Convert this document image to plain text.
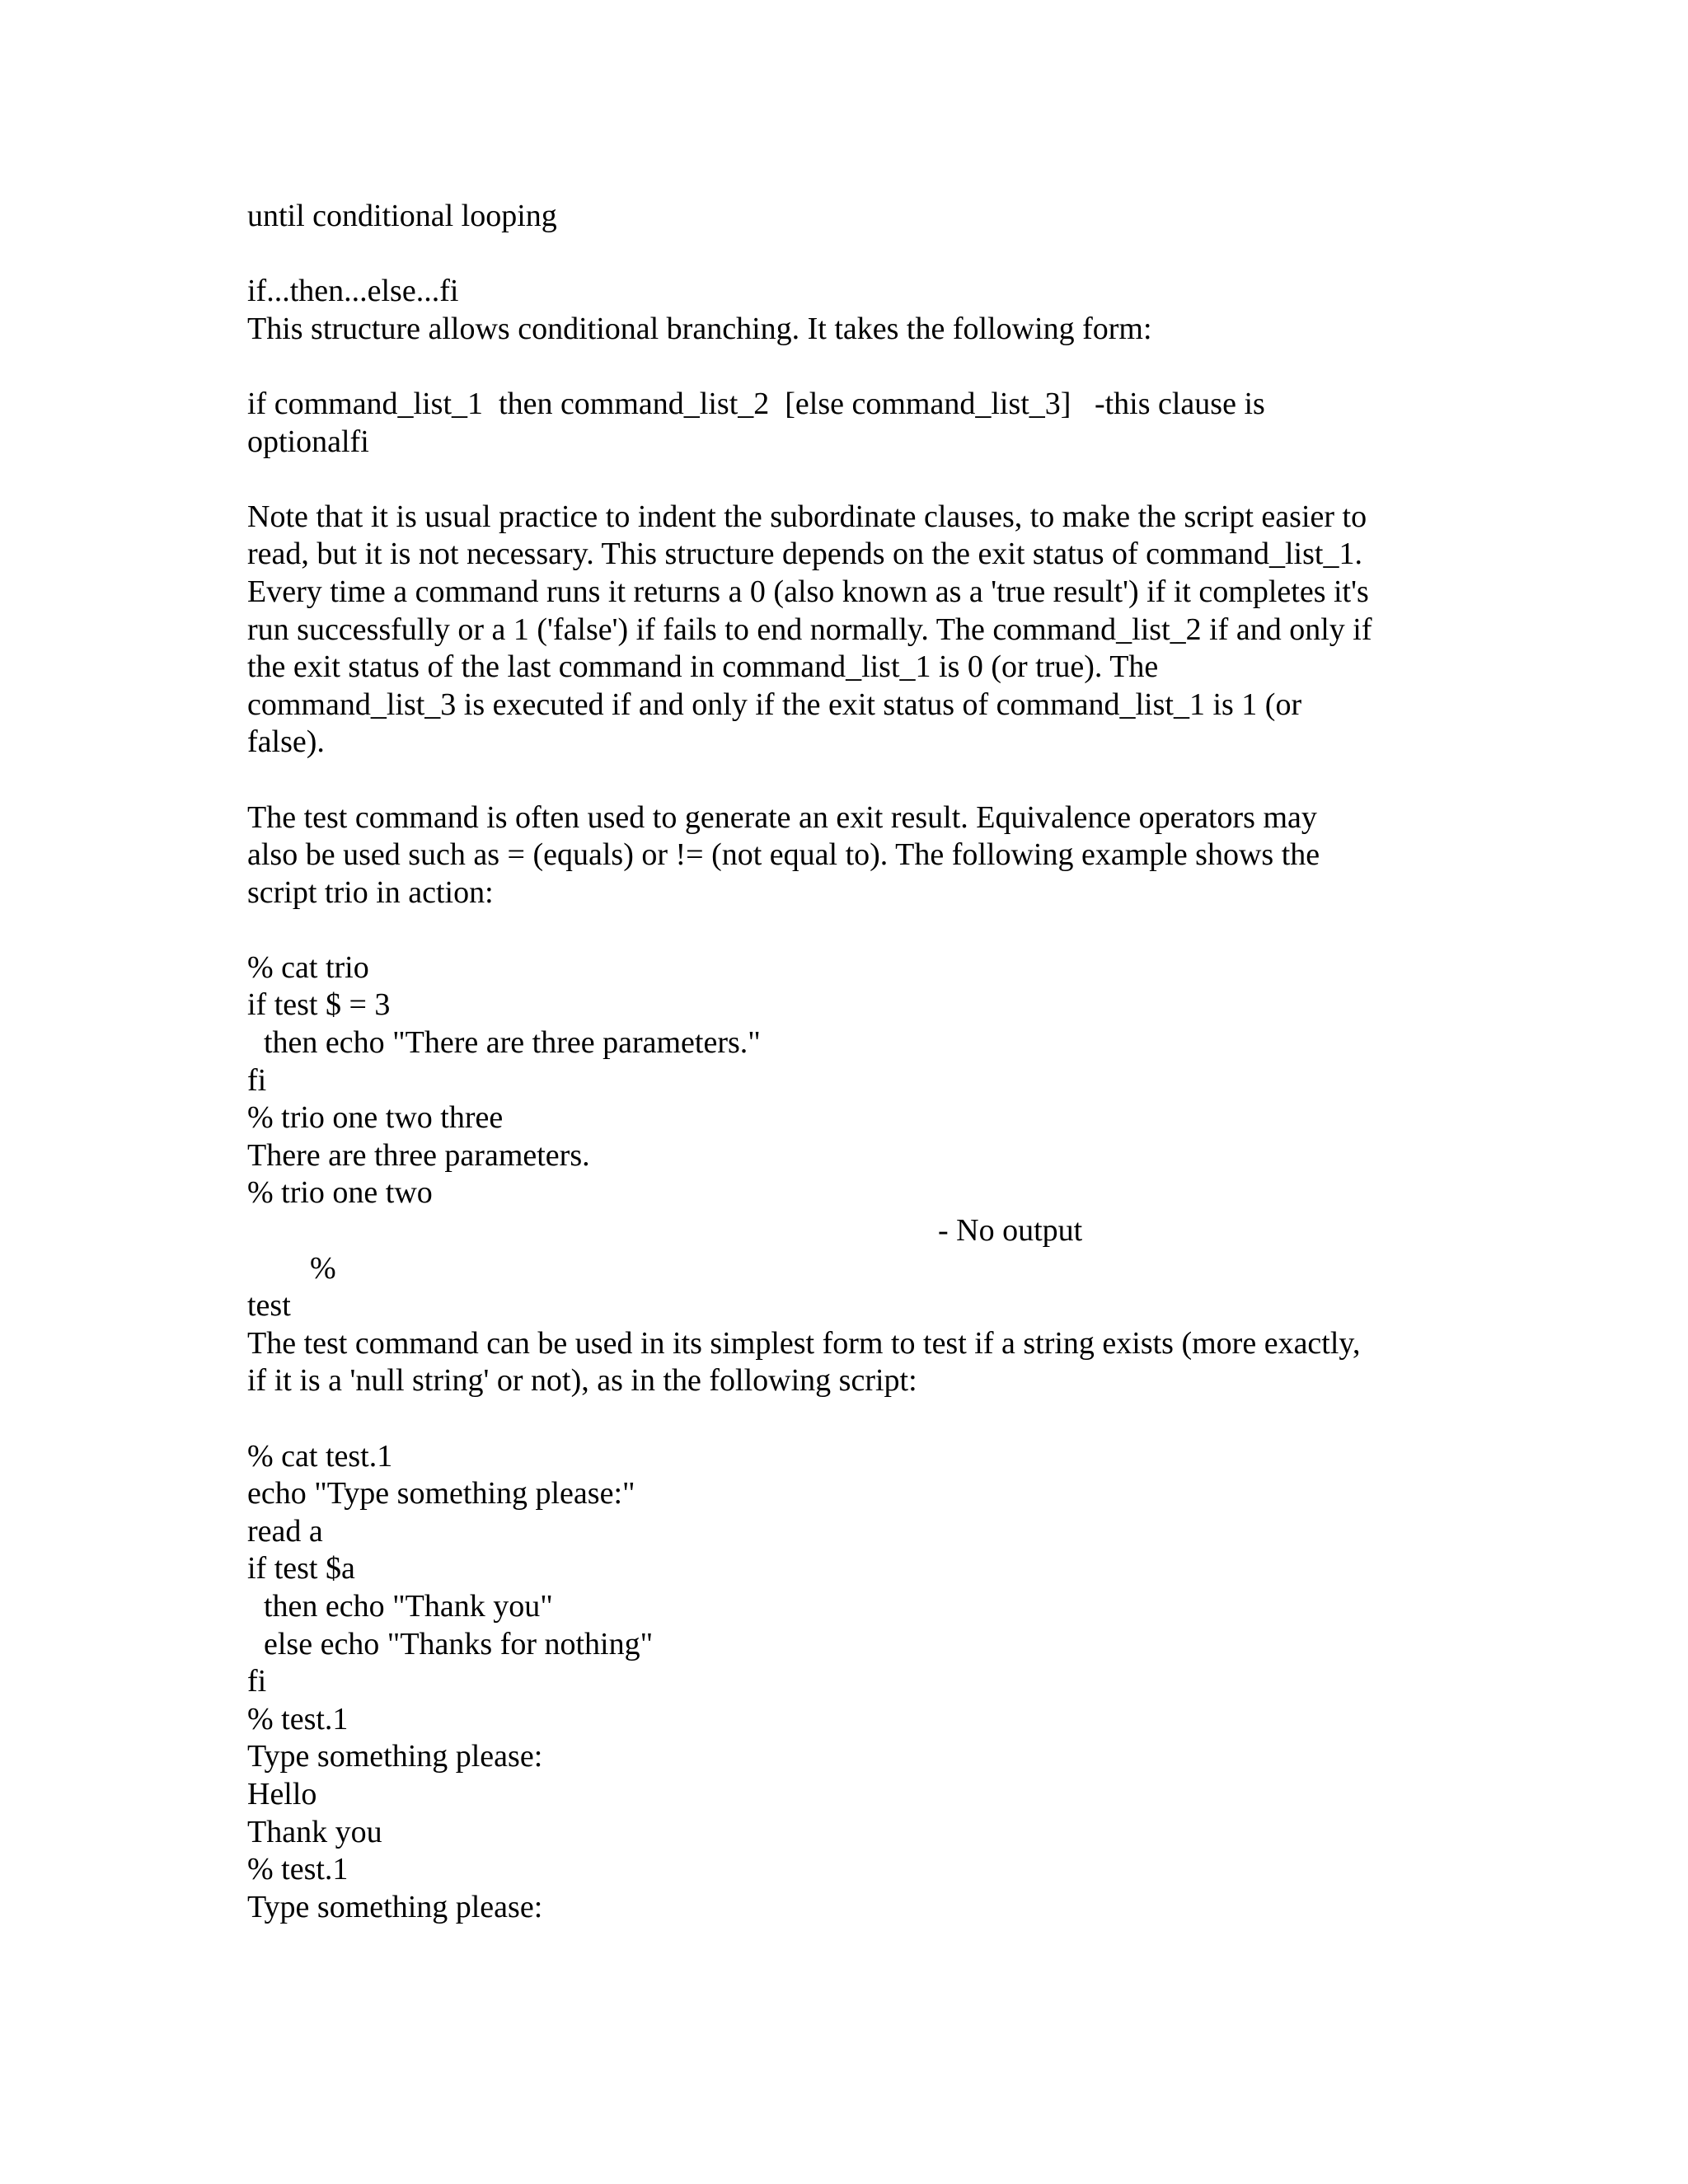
until conditional looping
if...then...else...fi
This structure allows conditional branching. It takes the following form:
if command_list_1  then command_list_2  [else command_list_3]   -this clause is
optionalfi
Note that it is usual practice to indent the subordinate clauses, to make the script easier to
read, but it is not necessary. This structure depends on the exit status of command_list_1.
Every time a command runs it returns a 0 (also known as a 'true result') if it completes it's
run successfully or a 1 ('false') if fails to end normally. The command_list_2 if and only if
the exit status of the last command in command_list_1 is 0 (or true). The
command_list_3 is executed if and only if the exit status of command_list_1 is 1 (or
false).
The test command is often used to generate an exit result. Equivalence operators may
also be used such as = (equals) or != (not equal to). The following example shows the
script trio in action:
% cat trio
if test $ = 3
then echo "There are three parameters."
fi
% trio one two three
There are three parameters.
% trio one two

%

- No output

test
The test command can be used in its simplest form to test if a string exists (more exactly,
if it is a 'null string' or not), as in the following script:
% cat test.1
echo "Type something please:"
read a
if test $a
then echo "Thank you"
else echo "Thanks for nothing"
fi
% test.1
Type something please:
Hello
Thank you
% test.1
Type something please:
